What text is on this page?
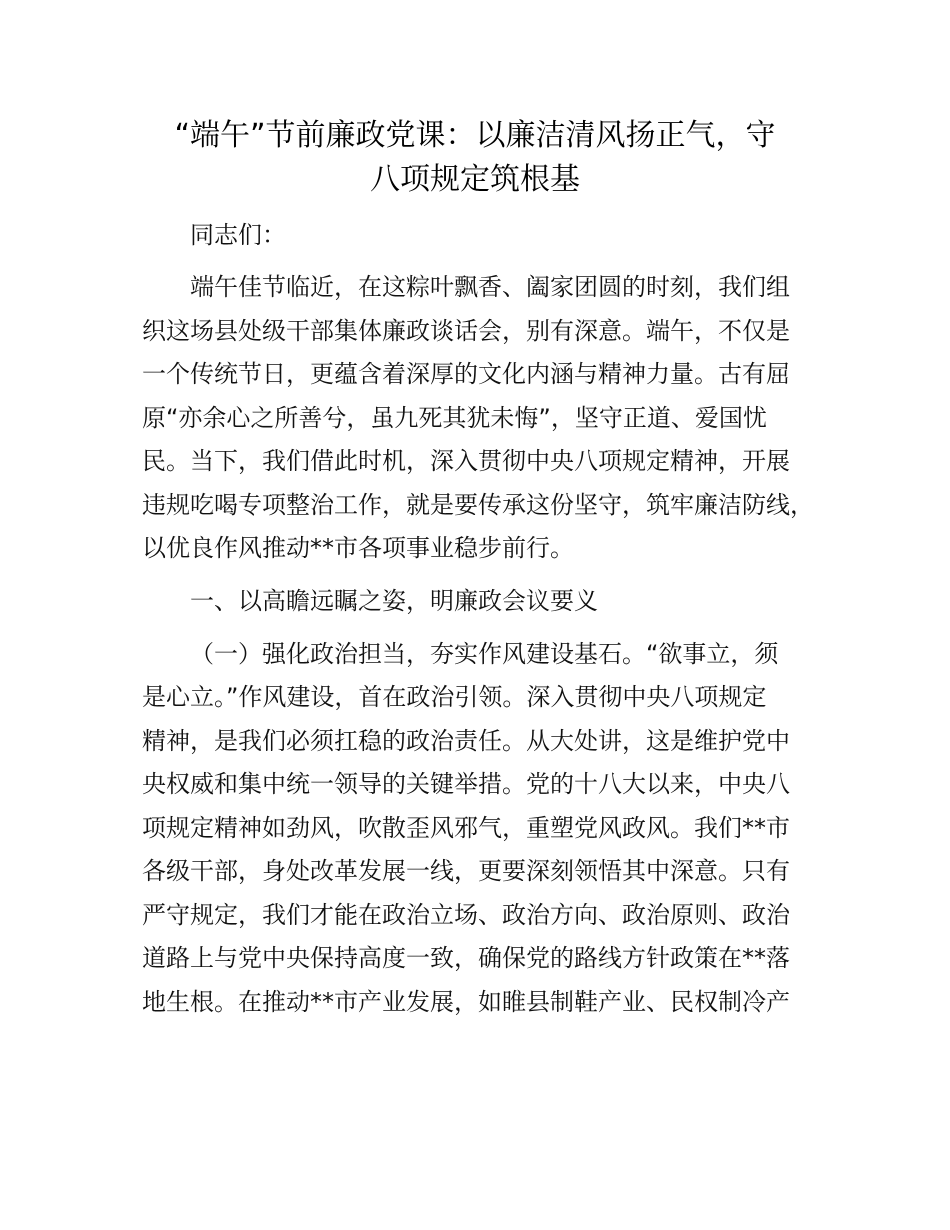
“端午”节前廉政党课：以廉洁清风扬正气，守
八项规定筑根基
同志们：
端午佳节临近，在这粽叶飘香、阖家团圆的时刻，我们组
织这场县处级干部集体廉政谈话会，别有深意。端午，不仅是
一个传统节日，更蕴含着深厚的文化内涵与精神力量。古有屈
原“亦余心之所善兮，虽九死其犹未悔”，坚守正道、爱国忧
民。当下，我们借此时机，深入贯彻中央八项规定精神，开展
违规吃喝专项整治工作，就是要传承这份坚守，筑牢廉洁防线，
以优良作风推动**市各项事业稳步前行。
一、以高瞻远瞩之姿，明廉政会议要义
（一）强化政治担当，夯实作风建设基石。“欲事立，须
是心立。”作风建设，首在政治引领。深入贯彻中央八项规定
精神，是我们必须扛稳的政治责任。从大处讲，这是维护党中
央权威和集中统一领导的关键举措。党的十八大以来，中央八
项规定精神如劲风，吹散歪风邪气，重塑党风政风。我们**市
各级干部，身处改革发展一线，更要深刻领悟其中深意。只有
严守规定，我们才能在政治立场、政治方向、政治原则、政治
道路上与党中央保持高度一致，确保党的路线方针政策在**落
地生根。在推动**市产业发展，如睢县制鞋产业、民权制冷产
